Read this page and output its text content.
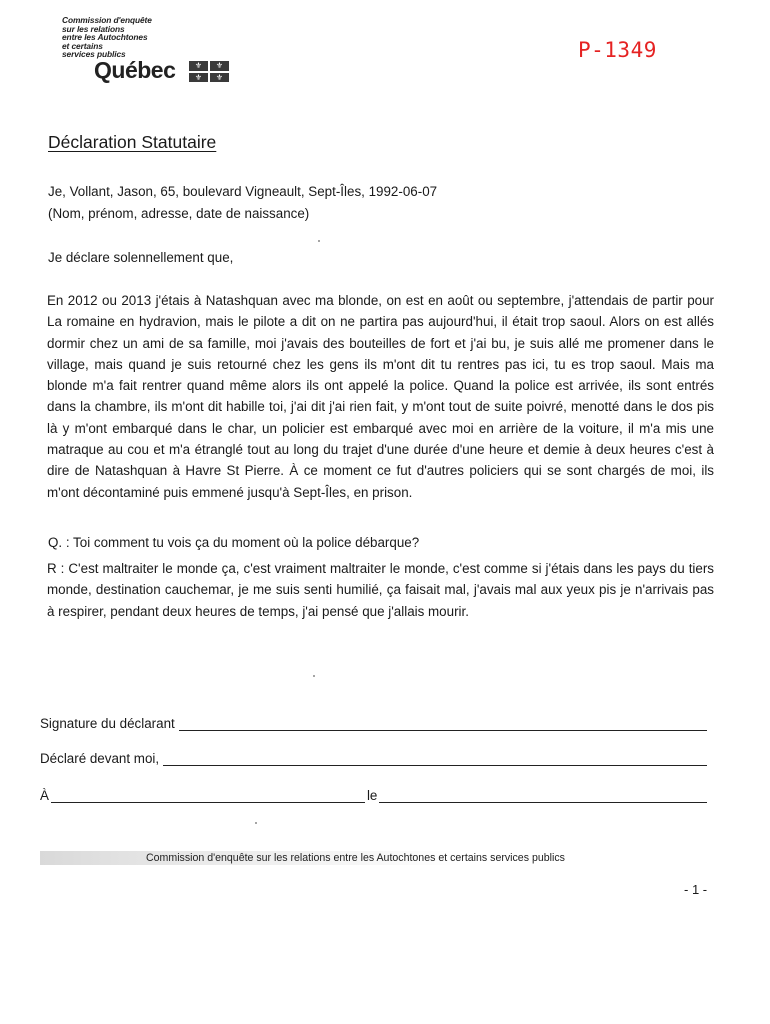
Commission d'enquête
sur les relations
entre les Autochtones
et certains
services publics
Québec	⚜	⚜
⚜	⚜
P-1349
Déclaration Statutaire
Je, Vollant, Jason, 65, boulevard Vigneault, Sept-Îles, 1992-06-07
(Nom, prénom, adresse, date de naissance)
Je déclare solennellement que,
En 2012 ou 2013 j'étais à Natashquan avec ma blonde, on est en août ou septembre, j'attendais de partir pour La romaine en hydravion, mais le pilote a dit on ne partira pas aujourd'hui, il était trop saoul. Alors on est allés dormir chez un ami de sa famille, moi j'avais des bouteilles de fort et j'ai bu, je suis allé me promener dans le village, mais quand je suis retourné chez les gens ils m'ont dit tu rentres pas ici, tu es trop saoul. Mais ma blonde m'a fait rentrer quand même alors ils ont appelé la police. Quand la police est arrivée, ils sont entrés dans la chambre, ils m'ont dit habille toi, j'ai dit j'ai rien fait, y m'ont tout de suite poivré, menotté dans le dos pis là y m'ont embarqué dans le char, un policier est embarqué avec moi en arrière de la voiture, il m'a mis une matraque au cou et m'a étranglé tout au long du trajet d'une durée d'une heure et demie à deux heures c'est à dire de Natashquan à Havre St Pierre. À ce moment ce fut d'autres policiers qui se sont chargés de moi, ils m'ont décontaminé puis emmené jusqu'à Sept-Îles, en prison.
Q. : Toi comment tu vois ça du moment où la police débarque?
R : C'est maltraiter le monde ça, c'est vraiment maltraiter le monde, c'est comme si j'étais dans les pays du tiers monde, destination cauchemar, je me suis senti humilié, ça faisait mal, j'avais mal aux yeux pis je n'arrivais pas à respirer, pendant deux heures de temps, j'ai pensé que j'allais mourir.
Signature du déclarant
Déclaré devant moi,
À	le
Commission d'enquête sur les relations entre les Autochtones et certains services publics
- 1 -
